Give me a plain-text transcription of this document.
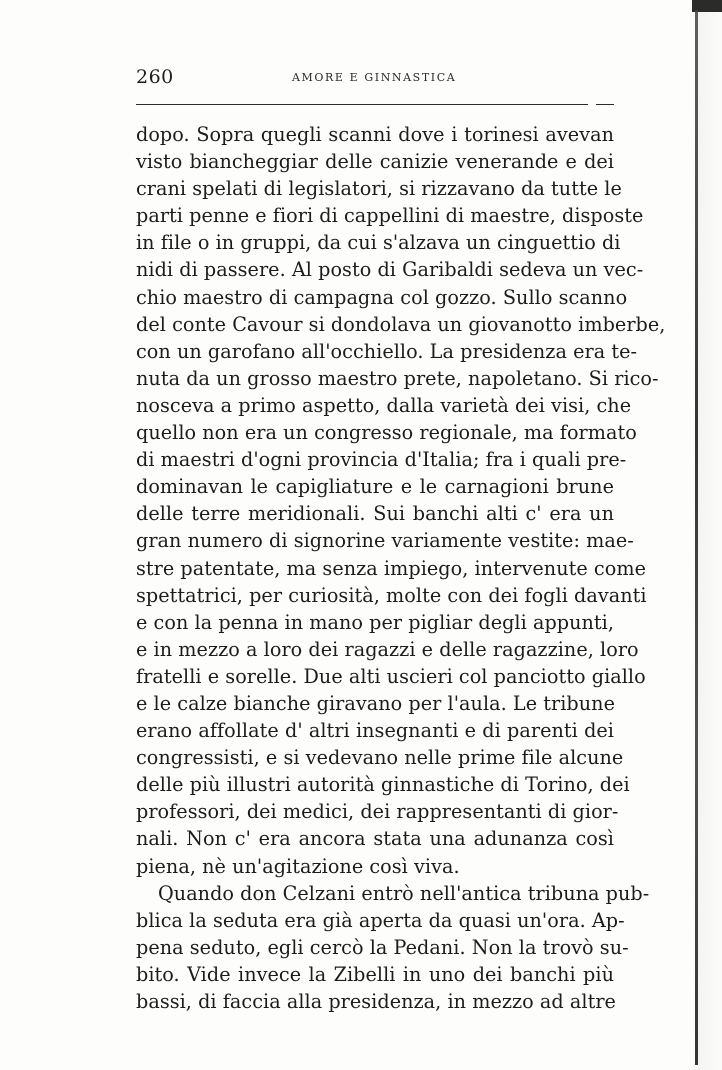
260	AMORE E GINNASTICA
dopo. Sopra quegli scanni dove i torinesi avevan
visto biancheggiar delle canizie venerande e dei
crani spelati di legislatori, si rizzavano da tutte le
parti penne e fiori di cappellini di maestre, disposte
in file o in gruppi, da cui s'alzava un cinguettio di
nidi di passere. Al posto di Garibaldi sedeva un vec-
chio maestro di campagna col gozzo. Sullo scanno
del conte Cavour si dondolava un giovanotto imberbe,
con un garofano all'occhiello. La presidenza era te-
nuta da un grosso maestro prete, napoletano. Si rico-
nosceva a primo aspetto, dalla varietà dei visi, che
quello non era un congresso regionale, ma formato
di maestri d'ogni provincia d'Italia; fra i quali pre-
dominavan le capigliature e le carnagioni brune
delle terre meridionali. Sui banchi alti c' era un
gran numero di signorine variamente vestite: mae-
stre patentate, ma senza impiego, intervenute come
spettatrici, per curiosità, molte con dei fogli davanti
e con la penna in mano per pigliar degli appunti,
e in mezzo a loro dei ragazzi e delle ragazzine, loro
fratelli e sorelle. Due alti uscieri col panciotto giallo
e le calze bianche giravano per l'aula. Le tribune
erano affollate d' altri insegnanti e di parenti dei
congressisti, e si vedevano nelle prime file alcune
delle più illustri autorità ginnastiche di Torino, dei
professori, dei medici, dei rappresentanti di gior-
nali. Non c' era ancora stata una adunanza così
piena, nè un'agitazione così viva.
Quando don Celzani entrò nell'antica tribuna pub-
blica la seduta era già aperta da quasi un'ora. Ap-
pena seduto, egli cercò la Pedani. Non la trovò su-
bito. Vide invece la Zibelli in uno dei banchi più
bassi, di faccia alla presidenza, in mezzo ad altre
